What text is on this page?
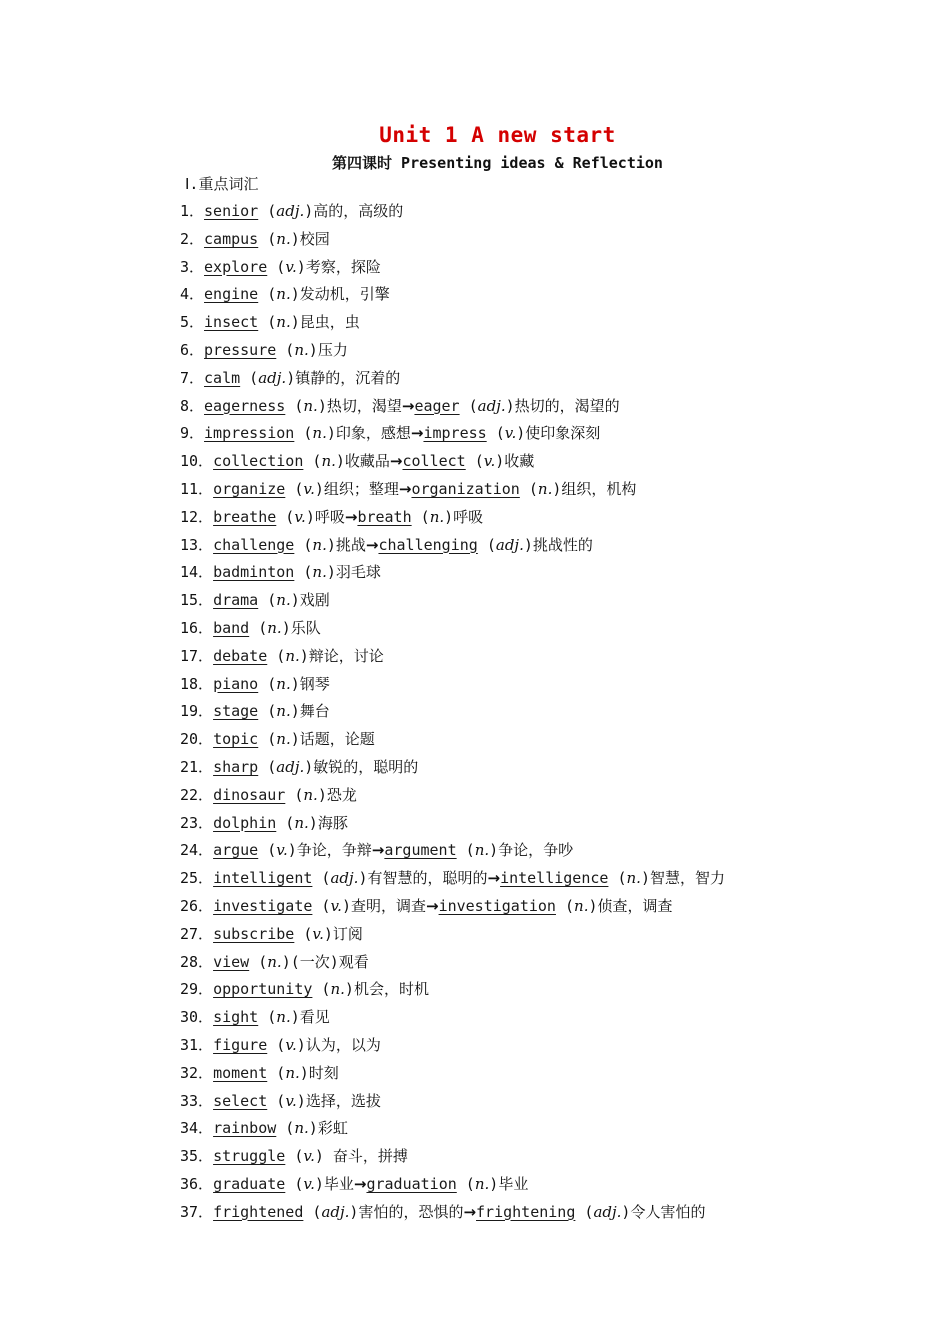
Unit 1 A new start
第四课时 Presenting ideas & Reflection
Ⅰ.重点词汇
1．senior (adj.)高的，高级的
2．campus (n.)校园
3．explore (v.)考察，探险
4．engine (n.)发动机，引擎
5．insect (n.)昆虫，虫
6．pressure (n.)压力
7．calm (adj.)镇静的，沉着的
8．eagerness (n.)热切，渴望→eager (adj.)热切的，渴望的
9．impression (n.)印象，感想→impress (v.)使印象深刻
10．collection (n.)收藏品→collect (v.)收藏
11．organize (v.)组织；整理→organization (n.)组织，机构
12．breathe (v.)呼吸→breath (n.)呼吸
13．challenge (n.)挑战→challenging (adj.)挑战性的
14．badminton (n.)羽毛球
15．drama (n.)戏剧
16．band (n.)乐队
17．debate (n.)辩论，讨论
18．piano (n.)钢琴
19．stage (n.)舞台
20．topic (n.)话题，论题
21．sharp (adj.)敏锐的，聪明的
22．dinosaur (n.)恐龙
23．dolphin (n.)海豚
24．argue (v.)争论，争辩→argument (n.)争论，争吵
25．intelligent (adj.)有智慧的，聪明的→intelligence (n.)智慧，智力
26．investigate (v.)查明，调查→investigation (n.)侦查，调查
27．subscribe (v.)订阅
28．view (n.)(一次)观看
29．opportunity (n.)机会，时机
30．sight (n.)看见
31．figure (v.)认为，以为
32．moment (n.)时刻
33．select (v.)选择，选拔
34．rainbow (n.)彩虹
35．struggle (v.) 奋斗，拼搏
36．graduate (v.)毕业→graduation (n.)毕业
37．frightened (adj.)害怕的，恐惧的→frightening (adj.)令人害怕的
